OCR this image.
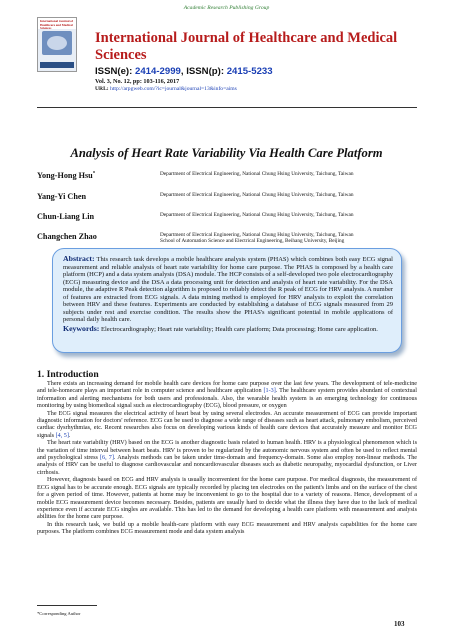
Academic Research Publishing Group
International Journal of Healthcare and Medical Sciences
International Journal of Healthcare and Medical Sciences
ISSN(e): 2414-2999, ISSN(p): 2415-5233
Vol. 3, No. 12, pp: 103-116, 2017
URL: http://arpgweb.com/?ic=journal&journal=13&info=aims
Analysis of Heart Rate Variability Via Health Care Platform
Yong-Hong Hsu*	Department of Electrical Engineering, National Chung Hsing University, Taichung, Taiwan
Yang-Yi Chen	Department of Electrical Engineering, National Chung Hsing University, Taichung, Taiwan
Chun-Liang Lin	Department of Electrical Engineering, National Chung Hsing University, Taichung, Taiwan
Changchen Zhao	Department of Electrical Engineering, National Chung Hsing University, Taichung, Taiwan
School of Automation Science and Electrical Engineering, Beihang University, Beijing
Abstract: This research task develops a mobile healthcare analysis system (PHAS) which combines both easy ECG signal measurement and reliable analysis of heart rate variability for home care purpose. The PHAS is composed by a health care platform (HCP) and a data system analysis (DSA) module. The HCP consists of a self-developed two pole electrocardiography (ECG) measuring device and the DSA a data processing unit for detection and analysis of heart rate variability. For the DSA module, the adaptive R Peak detection algorithm is proposed to reliably detect the R peak of ECG for HRV analysis. A number of features are extracted from ECG signals. A data mining method is employed for HRV analysis to exploit the correlation between HRV and these features. Experiments are conducted by establishing a database of ECG signals measured from 29 subjects under rest and exercise condition. The results show the PHAS's significant potential in mobile applications of personal daily health care.
Keywords: Electrocardiography; Heart rate variability; Health care platform; Data processing; Home care application.
1. Introduction

There exists an increasing demand for mobile health care devices for home care purpose over the last few years. The development of tele-medicine and tele-homecare plays an important role in computer science and healthcare application [1-3]. The healthcare system provides abundant of contextual information and alerting mechanisms for both users and professionals. Also, the wearable health system is an emerging technology for continuous monitoring by using biomedical signal such as electrocardiography (ECG), blood pressure, or oxygen

The ECG signal measures the electrical activity of heart beat by using several electrodes. An accurate measurement of ECG can provide important diagnostic information for doctors' reference. ECG can be used to diagnose a wide range of diseases such as heart attack, pulmonary embolism, perceived cardiac dysrhythmias, etc. Recent researches also focus on developing various kinds of health care devices that accurately measure and monitor ECG signals [4, 5].

The heart rate variability (HRV) based on the ECG is another diagnostic basis related to human health. HRV is a physiological phenomenon which is the variation of time interval between heart beats. HRV is proven to be regularized by the autonomic nervous system and often be used to reflect mental and psychological stress [6, 7]. Analysis methods can be taken under time-domain and frequency-domain. Some also employ non-linear methods. The analysis of HRV can be useful to diagnose cardiovascular and noncardiovascular diseases such as diabetic neuropathy, myocardial dysfunction, or Liver cirrhosis.

However, diagnosis based on ECG and HRV analysis is usually inconvenient for the home care purpose. For medical diagnosis, the measurement of ECG signal has to be accurate enough. ECG signals are typically recorded by placing ten electrodes on the patient's limbs and on the surface of the chest for a given period of time. However, patients at home may be inconvenient to go to the hospital due to a variety of reasons. Hence, development of a mobile ECG measurement device becomes necessary. Besides, patients are usually hard to decide what the illness they have due to the lack of medical experience even if accurate ECG singles are available. This has led to the demand for developing a health care platform with measurement and analysis abilities for the home care purpose.

In this research task, we build up a mobile health-care platform with easy ECG measurement and HRV analysis capabilities for the home care purposes. The platform combines ECG measurement mode and data system analysis

*Corresponding Author
103
